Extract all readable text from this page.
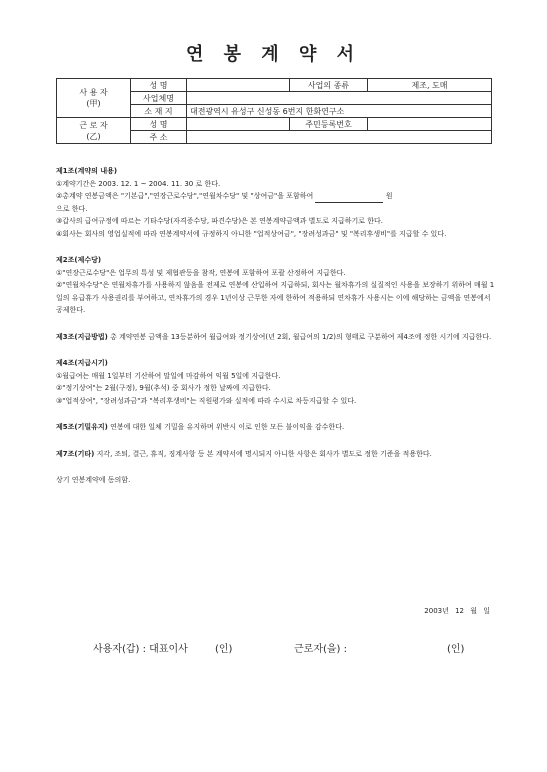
연 봉 계 약 서
사 용 자
(甲)	성 명		사업의 종류	제조, 도매
	사업체명			
	소 재 지	대전광역시 유성구 신성동 6번지 한화연구소		
근 로 자
(乙)	성 명		주민등록번호	
	주 소			

제1조(계약의 내용)

①계약기간은 2003. 12. 1 ~ 2004. 11. 30 로 한다.

②총계약 연봉금액은 "기본급","연장근로수당","연월차수당" 및 "상여금"을 포함하여	원

으로 한다.

③갑사의 급여규정에 따르는 기타수당(자격증수당, 파견수당)은 본 연봉계약금액과 별도로 지급하기로 한다.

④회사는 회사의 영업실적에 따라 연봉계약서에 규정하지 아니한 "업적상여금", "장려성과금" 및 "복리후생비"를 지급할 수 있다.

제2조(제수당)

①"연장근로수당"은 업무의 특성 및 제협관등을 참작, 연봉에 포함하여 포괄 산정하여 지급한다.

②"연월차수당"은 연월차휴가를 사용하지 않음을 전제로 연봉에 산입하여 지급하되, 회사는 월차휴가의 실질적인 사용을 보장하기 위하여 매월 1일의 유급휴가 사용권리를 부여하고, 연차휴가의 경우 1년이상 근무한 자에 한하여 적용하되 연차휴가 사용시는 이에 해당하는 금액을 연봉에서 공제한다.

제3조(지급방법) 총 계약연봉 금액을 13등분하여 월급여와 정기상여(년 2회, 월급여의 1/2)의 형태로 구분하여 제4조에 정한 시기에 지급한다.

제4조(지급시기)

①월급여는 매월 1일부터 기산하여 말일에 마감하여 익월 5일에 지급한다.

②"정기상여"는 2월(구정), 9월(추석) 중 회사가 정한 날짜에 지급한다.

③"업적상여", "장려성과금"과 "복리후생비"는 직원평가와 실적에 따라 수시로 차등지급할 수 있다.

제5조(기밀유지) 연봉에 대한 일체 기밀을 유지하며 위반시 이로 인한 모든 불이익을 감수한다.

제7조(기타) 지각, 조퇴, 결근, 휴직, 징계사항 등 본 계약서에 명시되지 아니한 사항은 회사가 별도로 정한 기준을 적용한다.

상기 연봉계약에 동의함.

2003년 12 월 일
사용자(갑) : 대표이사	(인)	근로자(을) :	(인)
